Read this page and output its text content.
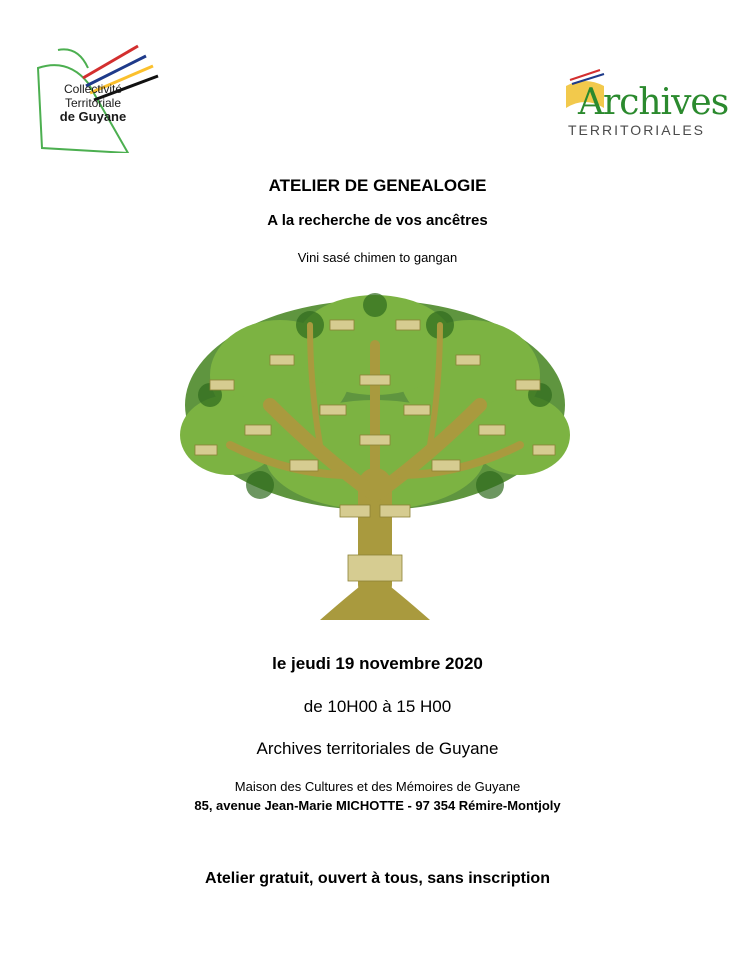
Collectivité
Territoriale
de Guyane	Archives
TERRITORIALES
ATELIER DE GENEALOGIE
A la recherche de vos ancêtres
Vini sasé chimen to gangan
le jeudi 19 novembre 2020
de 10H00 à 15 H00
Archives territoriales de Guyane
Maison des Cultures et des Mémoires de Guyane
85, avenue Jean-Marie MICHOTTE - 97 354 Rémire-Montjoly
Atelier gratuit, ouvert à tous, sans inscription
